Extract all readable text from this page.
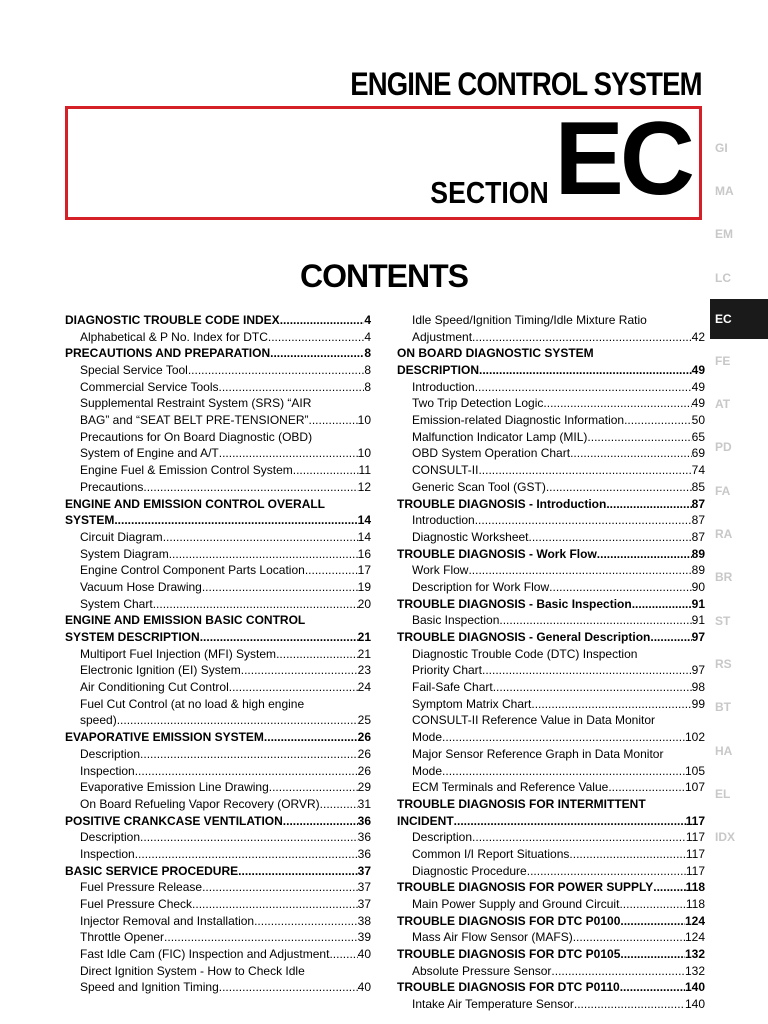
ENGINE CONTROL SYSTEM
SECTION EC
CONTENTS
DIAGNOSTIC TROUBLE CODE INDEX .....	4
Alphabetical & P No. Index for DTC .....	4
PRECAUTIONS AND PREPARATION .....	8
Special Service Tool .....	8
Commercial Service Tools .....	8
Supplemental Restraint System (SRS) “AIR
BAG” and “SEAT BELT PRE-TENSIONER” .....	10
Precautions for On Board Diagnostic (OBD)
System of Engine and A/T .....	10
Engine Fuel & Emission Control System .....	11
Precautions .....	12
ENGINE AND EMISSION CONTROL OVERALL
SYSTEM .....	14
Circuit Diagram .....	14
System Diagram .....	16
Engine Control Component Parts Location .....	17
Vacuum Hose Drawing .....	19
System Chart .....	20
ENGINE AND EMISSION BASIC CONTROL
SYSTEM DESCRIPTION .....	21
Multiport Fuel Injection (MFI) System .....	21
Electronic Ignition (EI) System .....	23
Air Conditioning Cut Control .....	24
Fuel Cut Control (at no load & high engine
speed) .....	25
EVAPORATIVE EMISSION SYSTEM .....	26
Description .....	26
Inspection .....	26
Evaporative Emission Line Drawing .....	29
On Board Refueling Vapor Recovery (ORVR) .....	31
POSITIVE CRANKCASE VENTILATION .....	36
Description .....	36
Inspection .....	36
BASIC SERVICE PROCEDURE .....	37
Fuel Pressure Release .....	37
Fuel Pressure Check .....	37
Injector Removal and Installation .....	38
Throttle Opener .....	39
Fast Idle Cam (FIC) Inspection and Adjustment ..... 40
Direct Ignition System - How to Check Idle
Speed and Ignition Timing .....	40
Idle Speed/Ignition Timing/Idle Mixture Ratio
Adjustment .....	42
ON BOARD DIAGNOSTIC SYSTEM
DESCRIPTION .....	49
Introduction .....	49
Two Trip Detection Logic .....	49
Emission-related Diagnostic Information .....	50
Malfunction Indicator Lamp (MIL) .....	65
OBD System Operation Chart .....	69
CONSULT-II .....	74
Generic Scan Tool (GST) .....	85
TROUBLE DIAGNOSIS - Introduction .....	87
Introduction .....	87
Diagnostic Worksheet .....	87
TROUBLE DIAGNOSIS - Work Flow .....	89
Work Flow .....	89
Description for Work Flow .....	90
TROUBLE DIAGNOSIS - Basic Inspection .....	91
Basic Inspection .....	91
TROUBLE DIAGNOSIS - General Description .....	97
Diagnostic Trouble Code (DTC) Inspection
Priority Chart .....	97
Fail-Safe Chart .....	98
Symptom Matrix Chart .....	99
CONSULT-II Reference Value in Data Monitor
Mode .....	102
Major Sensor Reference Graph in Data Monitor
Mode .....	105
ECM Terminals and Reference Value .....	107
TROUBLE DIAGNOSIS FOR INTERMITTENT
INCIDENT .....	117
Description .....	117
Common I/I Report Situations .....	117
Diagnostic Procedure .....	117
TROUBLE DIAGNOSIS FOR POWER SUPPLY .....	118
Main Power Supply and Ground Circuit .....	118
TROUBLE DIAGNOSIS FOR DTC P0100 .....	124
Mass Air Flow Sensor (MAFS) .....	124
TROUBLE DIAGNOSIS FOR DTC P0105 .....	132
Absolute Pressure Sensor .....	132
TROUBLE DIAGNOSIS FOR DTC P0110 .....	140
Intake Air Temperature Sensor .....	140
GI
MA
EM
LC
EC
FE
AT
PD
FA
RA
BR
ST
RS
BT
HA
EL
IDX
